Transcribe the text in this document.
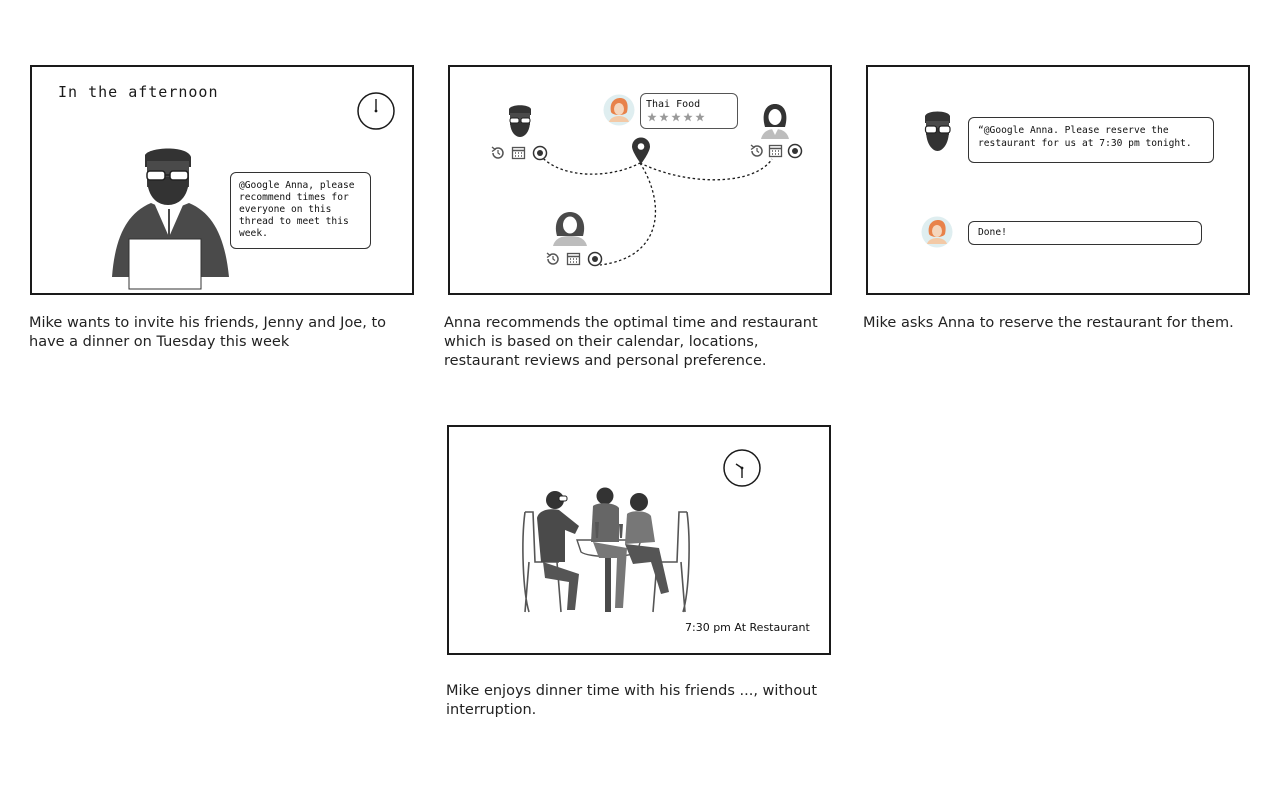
In the afternoon
@Google Anna, please recommend times for everyone on this thread to meet this week.
Mike wants to invite his friends, Jenny and Joe, to have a dinner on Tuesday this week
Thai Food
Anna recommends the optimal time and restaurant which is based on their calendar, locations, restaurant reviews and personal preference.
“@Google Anna. Please reserve the restaurant for us at 7:30 pm tonight.
Done!
Mike asks Anna to reserve the restaurant for them.
7:30 pm At Restaurant
Mike enjoys dinner time with his friends ..., without interruption.
